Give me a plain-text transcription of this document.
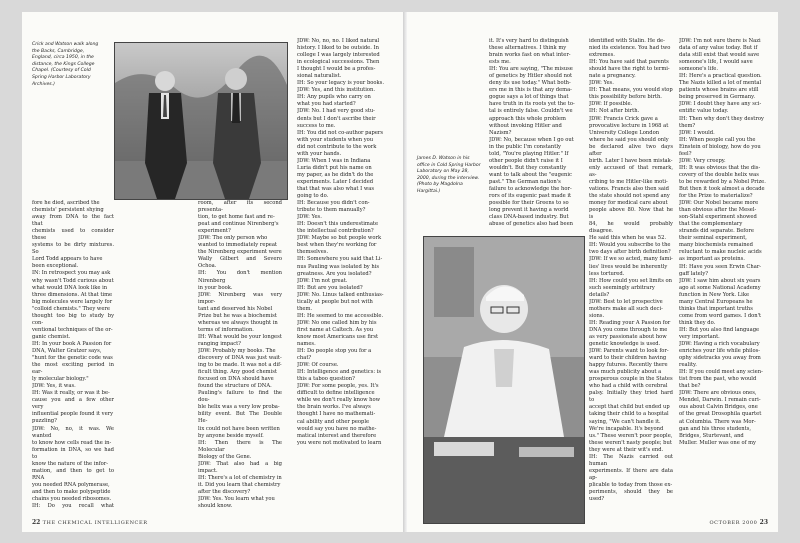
Crick and Watson walk along the Backs, Cambridge, England, circa 1950, in the distance, the Kings College Chapel. (Courtesy of Cold Spring Harbor Laboratory Archives.)

fore he died, ascribed the

chemists' persistent shying

away from DNA to the fact that

chemists used to consider these

systems to be dirty mixtures. So

Lord Todd appears to have

been exceptional.

IN: In retrospect you may ask

why wasn't Todd curious about

what would DNA look like in

three dimensions. At that time

big molecules were largely for

"colloid chemists." They were

thought too big to study by con-

ventional techniques of the or-

ganic chemist.

IH: In your book A Passion for

DNA, Walter Gratzer says,

"hunt for the genetic code was

the most exciting period in ear-

ly molecular biology."

JDW: Yes, it was.

IH: Was it really, or was it be-

cause you and a few other very

influential people found it very

puzzling?

JDW: No, no, it was. We wanted

to know how cells read the in-

formation in DNA, so we had to

know the nature of the infor-

mation, and then to get to RNA

you needed RNA polymerase,

and then to make polypeptide

chains you needed ribosomes.

IH: Do you recall what

room, after its second presenta-

tion, to get home fast and re-

peat and continue Nirenberg's

experiment?

JDW: The only person who

wanted to immediately repeat

the Nirenberg experiment were

Wally Gilbert and Severo Ochoa.

IH: You don't mention Nirenberg

in your book.

JDW: Nirenberg was very impor-

tant and deserved his Nobel

Prize but he was a biochemist

whereas we always thought in

terms of information.

IH: What would be your longest

ranging impact?

JDW: Probably my books. The

discovery of DNA was just wait-

ing to be made. It was not a dif-

ficult thing. Any good chemist

focused on DNA should have

found the structure of DNA.

Pauling's failure to find the dou-

ble helix was a very low proba-

bility event. But The Double He-

lix could not have been written

by anyone beside myself.

IH: Then there is The Molecular

Biology of the Gene.

JDW: That also had a big impact.

IH: There's a lot of chemistry in

it. Did you learn that chemistry

after the discovery?

JDW: Yes. You learn what you

should know.

JDW: No, no, no. I liked natural

history. I liked to be outside. In

college I was largely interested

in ecological successions. Then

I thought I would be a profes-

sional naturalist.

IH: So your legacy is your books.

JDW: Yes, and this institution.

IH: Any pupils who carry on

what you had started?

JDW: No. I had very good stu-

dents but I don't ascribe their

success to me.

IH: You did not co-author papers

with your students when you

did not contribute to the work

with your hands.

JDW: When I was in Indiana

Luria didn't put his name on

my paper, as he didn't do the

experiments. Later I decided

that that was also what I was

going to do.

IH: Because you didn't con-

tribute to them manually?

JDW: Yes.

IH: Doesn't this underestimate

the intellectual contribution?

JDW: Maybe so but people work

best when they're working for

themselves.

IH: Somewhere you said that Li-

nus Pauling was isolated by his

greatness. Are you isolated?

JDW: I'm not great.

IH: But are you isolated?

JDW: No. Linus talked enthusias-

tically at people but not with

them.

IH: He seemed to me accessible.

JDW: No one called him by his

first name at Caltech. As you

know most Americans use first

names.

IH: Do people stop you for a

chat?

JDW: Of course.

IH: Intelligence and genetics: is

this a taboo question?

JDW: For some people, yes. It's

difficult to define intelligence

while we don't really know how

the brain works. I've always

thought I have no mathemati-

cal ability and other people

would say you have no mathe-

matical interest and therefore

you were not motivated to learn

22 THE CHEMICAL INTELLIGENCER

it. It's very hard to distinguish

these alternatives. I think my

brain works fast on what inter-

ests me.

IH: You are saying, "The misuse

of genetics by Hitler should not

deny its use today." What both-

ers me in this is that any dema-

gogue says a lot of things that

have truth in its roots yet the to-

tal is entirely false. Couldn't we

approach this whole problem

without invoking Hitler and

Nazism?

JDW: No, because when I go out

in the public I'm constantly

told, "You're playing Hitler." If

other people didn't raise it I

wouldn't. But they constantly

want to talk about the "eugenic

past." The German nation's

failure to acknowledge the hor-

rors of its eugenic past made it

possible for their Greens to so

long prevent it having a world

class DNA-based industry. But

abuse of genetics also had been

James D. Watson in his office in Cold Spring Harbor Laboratory on May 28, 2000, during the interview. (Photo by Magdolna Hargittai.)

identified with Stalin. He de-

nied its existence. You had two

extremes.

IH: You have said that parents

should have the right to termi-

nate a pregnancy.

JDW: Yes.

IH: That means, you would stop

this possibility before birth.

JDW: If possible.

IH: Not after birth.

JDW: Francis Crick gave a

provocative lecture in 1968 at

University College London

where he said you should only

be declared alive two days after

birth. Later I have been mistak-

enly accused of that remark, as-

cribing to me Hitler-like moti-

vations. Francis also then said

the state should not spend any

money for medical care about

people above 80. Now that he is

84, he would probably disagree.

He said this when he was 52.

IH: Would you subscribe to the

two days after birth definition?

JDW: If we so acted, many fami-

lies' lives would be inherently

less tortured.

IH: How could you set limits on

such seemingly arbitrary

details?

JDW: Best to let prospective

mothers make all such deci-

sions.

IH: Reading your A Passion for

DNA you come through to me

as very passionate about how

genetic knowledge is used.

JDW: Parents want to look for-

ward to their children having

happy futures. Recently there

was much publicity about a

prosperous couple in the States

who had a child with cerebral

palsy. Initially they tried hard to

accept that child but ended up

taking their child to a hospital

saying, "We can't handle it.

We're incapable. It's beyond

us." These weren't poor people,

these weren't nasty people; but

they were at their wit's end.

IH: The Nazis carried out human

experiments. If there are data ap-

plicable to today from those ex-

periments, should they be used?

JDW: I'm not sure there is Nazi

data of any value today. But if

data still exist that would save

someone's life, I would save

someone's life.

IH: Here's a practical question.

The Nazis killed a lot of mental

patients whose brains are still

being preserved in Germany.

JDW: I doubt they have any sci-

entific value today.

IH: Then why don't they destroy

them?

JDW: I would.

IH: When people call you the

Einstein of biology, how do you

feel?

JDW: Very creepy.

IH: It was obvious that the dis-

covery of the double helix was

to be rewarded by a Nobel Prize.

But then it took almost a decade

for the Prize to materialize?

JDW: Our Nobel became more

than obvious after the Mesel-

son-Stahl experiment showed

that the complementary

strands did separate. Before

their seminal experiment,

many biochemists remained

reluctant to make nucleic acids

as important as proteins.

IH: Have you seen Erwin Char-

gaff lately?

JDW: I saw him about six years

ago at some National Academy

function in New York. Like

many Central Europeans he

thinks that important truths

come from word games. I don't

think they do.

IH: But you also find language

very important.

JDW: Having a rich vocabulary

enriches your life while philos-

ophy sidetracks you away from

reality.

IH: If you could meet any scien-

tist from the past, who would

that be?

JDW: There are obvious ones,

Mendel, Darwin. I remain curi-

ous about Calvin Bridges, one

of the great Drosophila quartet

at Columbia. There was Mor-

gan and his three students,

Bridges, Sturtevant, and

Muller. Muller was one of my

OCTOBER 2000 23
